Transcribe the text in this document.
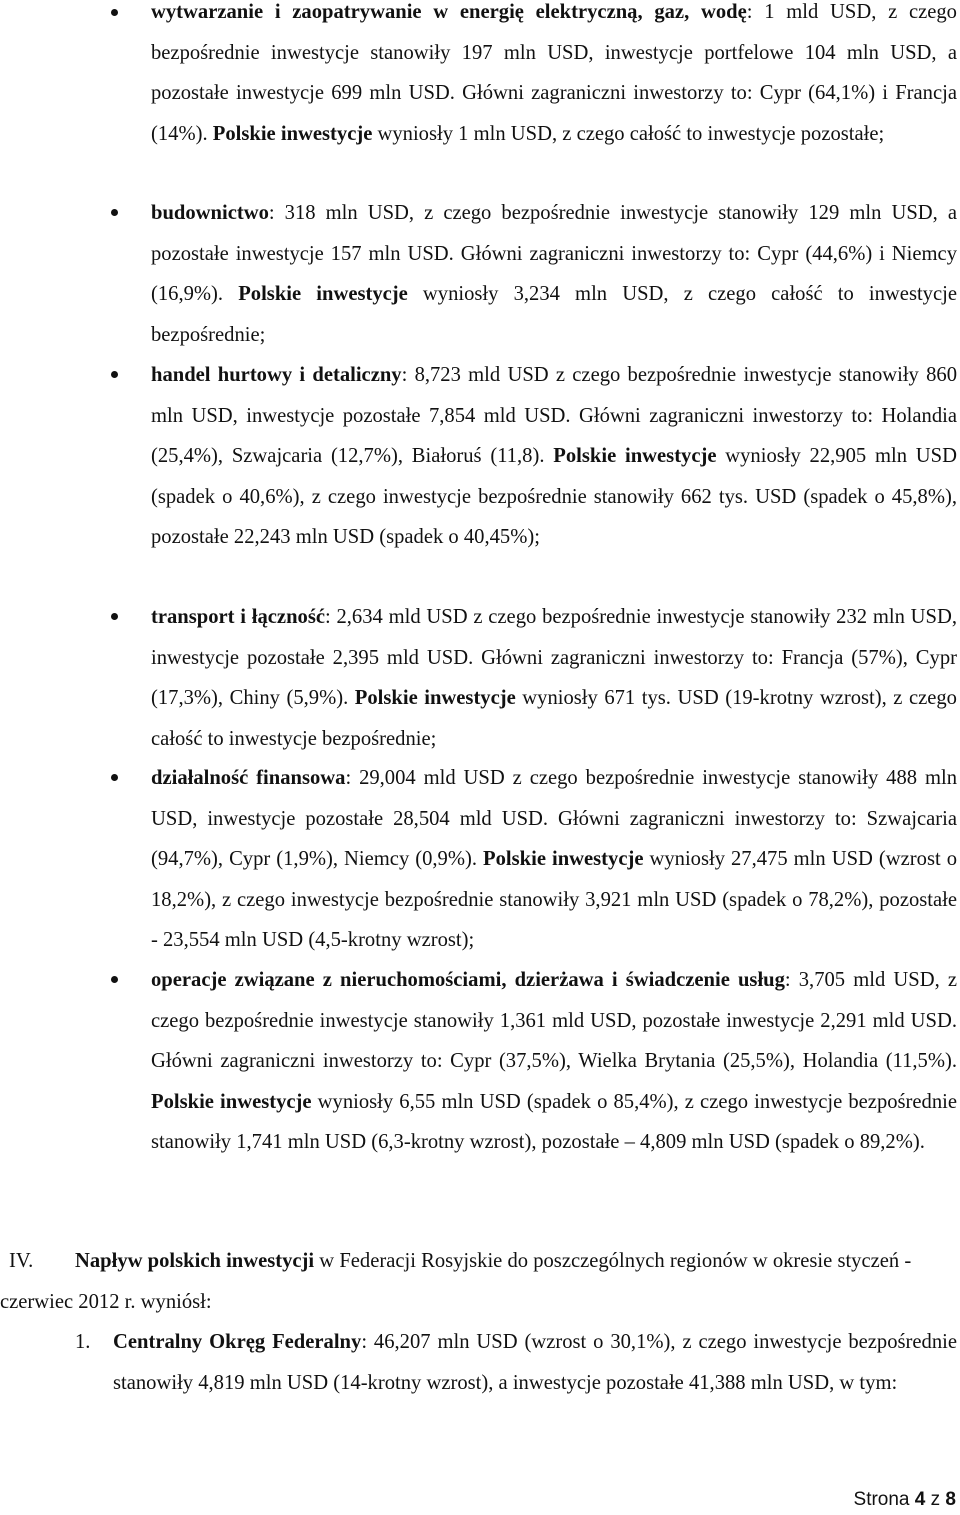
wytwarzanie i zaopatrywanie w energię elektryczną, gaz, wodę: 1 mld USD, z czego bezpośrednie inwestycje stanowiły 197 mln USD, inwestycje portfelowe 104 mln USD, a pozostałe inwestycje 699 mln USD. Główni zagraniczni inwestorzy to: Cypr (64,1%) i Francja (14%). Polskie inwestycje wyniosły 1 mln USD, z czego całość to inwestycje pozostałe;

budownictwo: 318 mln USD, z czego bezpośrednie inwestycje stanowiły 129 mln USD, a pozostałe inwestycje 157 mln USD. Główni zagraniczni inwestorzy to: Cypr (44,6%) i Niemcy (16,9%). Polskie inwestycje wyniosły 3,234 mln USD, z czego całość to inwestycje bezpośrednie;

handel hurtowy i detaliczny: 8,723 mld USD z czego bezpośrednie inwestycje stanowiły 860 mln USD, inwestycje pozostałe 7,854 mld USD. Główni zagraniczni inwestorzy to: Holandia (25,4%), Szwajcaria (12,7%), Białoruś (11,8). Polskie inwestycje wyniosły 22,905 mln USD (spadek o 40,6%), z czego inwestycje bezpośrednie stanowiły 662 tys. USD (spadek o 45,8%), pozostałe 22,243 mln USD (spadek o 40,45%);

transport i łączność: 2,634 mld USD z czego bezpośrednie inwestycje stanowiły 232 mln USD, inwestycje pozostałe 2,395 mld USD. Główni zagraniczni inwestorzy to: Francja (57%), Cypr (17,3%), Chiny (5,9%). Polskie inwestycje wyniosły 671 tys. USD (19-krotny wzrost), z czego całość to inwestycje bezpośrednie;

działalność finansowa: 29,004 mld USD z czego bezpośrednie inwestycje stanowiły 488 mln USD, inwestycje pozostałe 28,504 mld USD. Główni zagraniczni inwestorzy to: Szwajcaria (94,7%), Cypr (1,9%), Niemcy (0,9%). Polskie inwestycje wyniosły 27,475 mln USD (wzrost o 18,2%), z czego inwestycje bezpośrednie stanowiły 3,921 mln USD (spadek o 78,2%), pozostałe - 23,554 mln USD (4,5-krotny wzrost);

operacje związane z nieruchomościami, dzierżawa i świadczenie usług: 3,705 mld USD, z czego bezpośrednie inwestycje stanowiły 1,361 mld USD, pozostałe inwestycje 2,291 mld USD. Główni zagraniczni inwestorzy to: Cypr (37,5%), Wielka Brytania (25,5%), Holandia (11,5%). Polskie inwestycje wyniosły 6,55 mln USD (spadek o 85,4%), z czego inwestycje bezpośrednie stanowiły 1,741 mln USD (6,3-krotny wzrost), pozostałe – 4,809 mln USD (spadek o 89,2%).

IV.	Napływ polskich inwestycji w Federacji Rosyjskie do poszczególnych regionów w okresie styczeń - czerwiec 2012 r. wyniósł:

1. Centralny Okręg Federalny: 46,207 mln USD (wzrost o 30,1%), z czego inwestycje bezpośrednie stanowiły 4,819 mln USD (14-krotny wzrost), a inwestycje pozostałe 41,388 mln USD, w tym:

Strona 4 z 8
